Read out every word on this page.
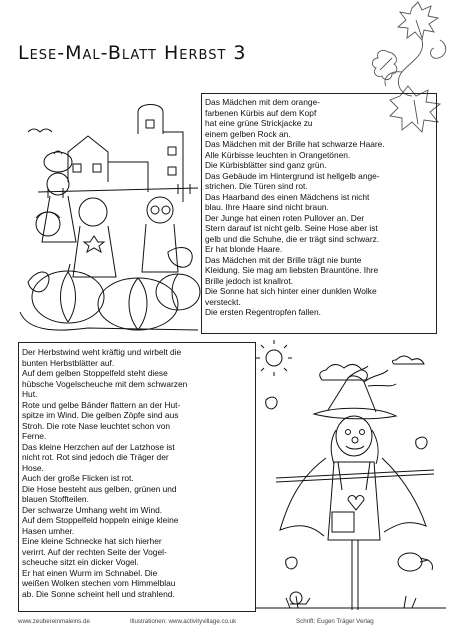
Lese-Mal-Blatt Herbst 3

Das Mädchen mit dem orange-

farbenen Kürbis auf dem Kopf

hat eine grüne Strickjacke zu

einem gelben Rock an.

Das Mädchen mit der Brille hat schwarze Haare.

Alle Kürbisse leuchten in Orangetönen.

Die Kürbisblätter sind ganz grün.

Das Gebäude im Hintergrund ist hellgelb ange-

strichen. Die Türen sind rot.

Das Haarband des einen Mädchens ist nicht

blau. Ihre Haare sind nicht braun.

Der Junge hat einen roten Pullover an. Der

Stern darauf ist nicht gelb. Seine Hose aber ist

gelb und die Schuhe, die er trägt sind schwarz.

Er hat blonde Haare.

Das Mädchen mit der Brille trägt nie bunte

Kleidung. Sie mag am liebsten Brauntöne. Ihre

Brille jedoch ist knallrot.

Die Sonne hat sich hinter einer dunklen Wolke

versteckt.

Die ersten Regentropfen fallen.

Der Herbstwind weht kräftig und wirbelt die

bunten Herbstblätter auf.

Auf dem gelben Stoppelfeld steht diese

hübsche Vogelscheuche mit dem schwarzen

Hut.

Rote und gelbe Bänder flattern an der Hut-

spitze im Wind. Die gelben Zöpfe sind aus

Stroh. Die rote Nase leuchtet schon von

Ferne.

Das kleine Herzchen auf der Latzhose ist

nicht rot. Rot sind jedoch die Träger der

Hose.

Auch der große Flicken ist rot.

Die Hose besteht aus gelben, grünen und

blauen Stoffteilen.

Der schwarze Umhang weht im Wind.

Auf dem Stoppelfeld hoppeln einige kleine

Hasen umher.

Eine kleine Schnecke hat sich hierher

verirrt. Auf der rechten Seite der Vogel-

scheuche sitzt ein dicker Vogel.

Er hat einen Wurm im Schnabel. Die

weißen Wolken stechen vom Himmelblau

ab. Die Sonne scheint hell und strahlend.

www.zeubereinmaleins.de	Illustrationen: www.activityvillage.co.uk	Schrift: Eugen Träger Verlag
